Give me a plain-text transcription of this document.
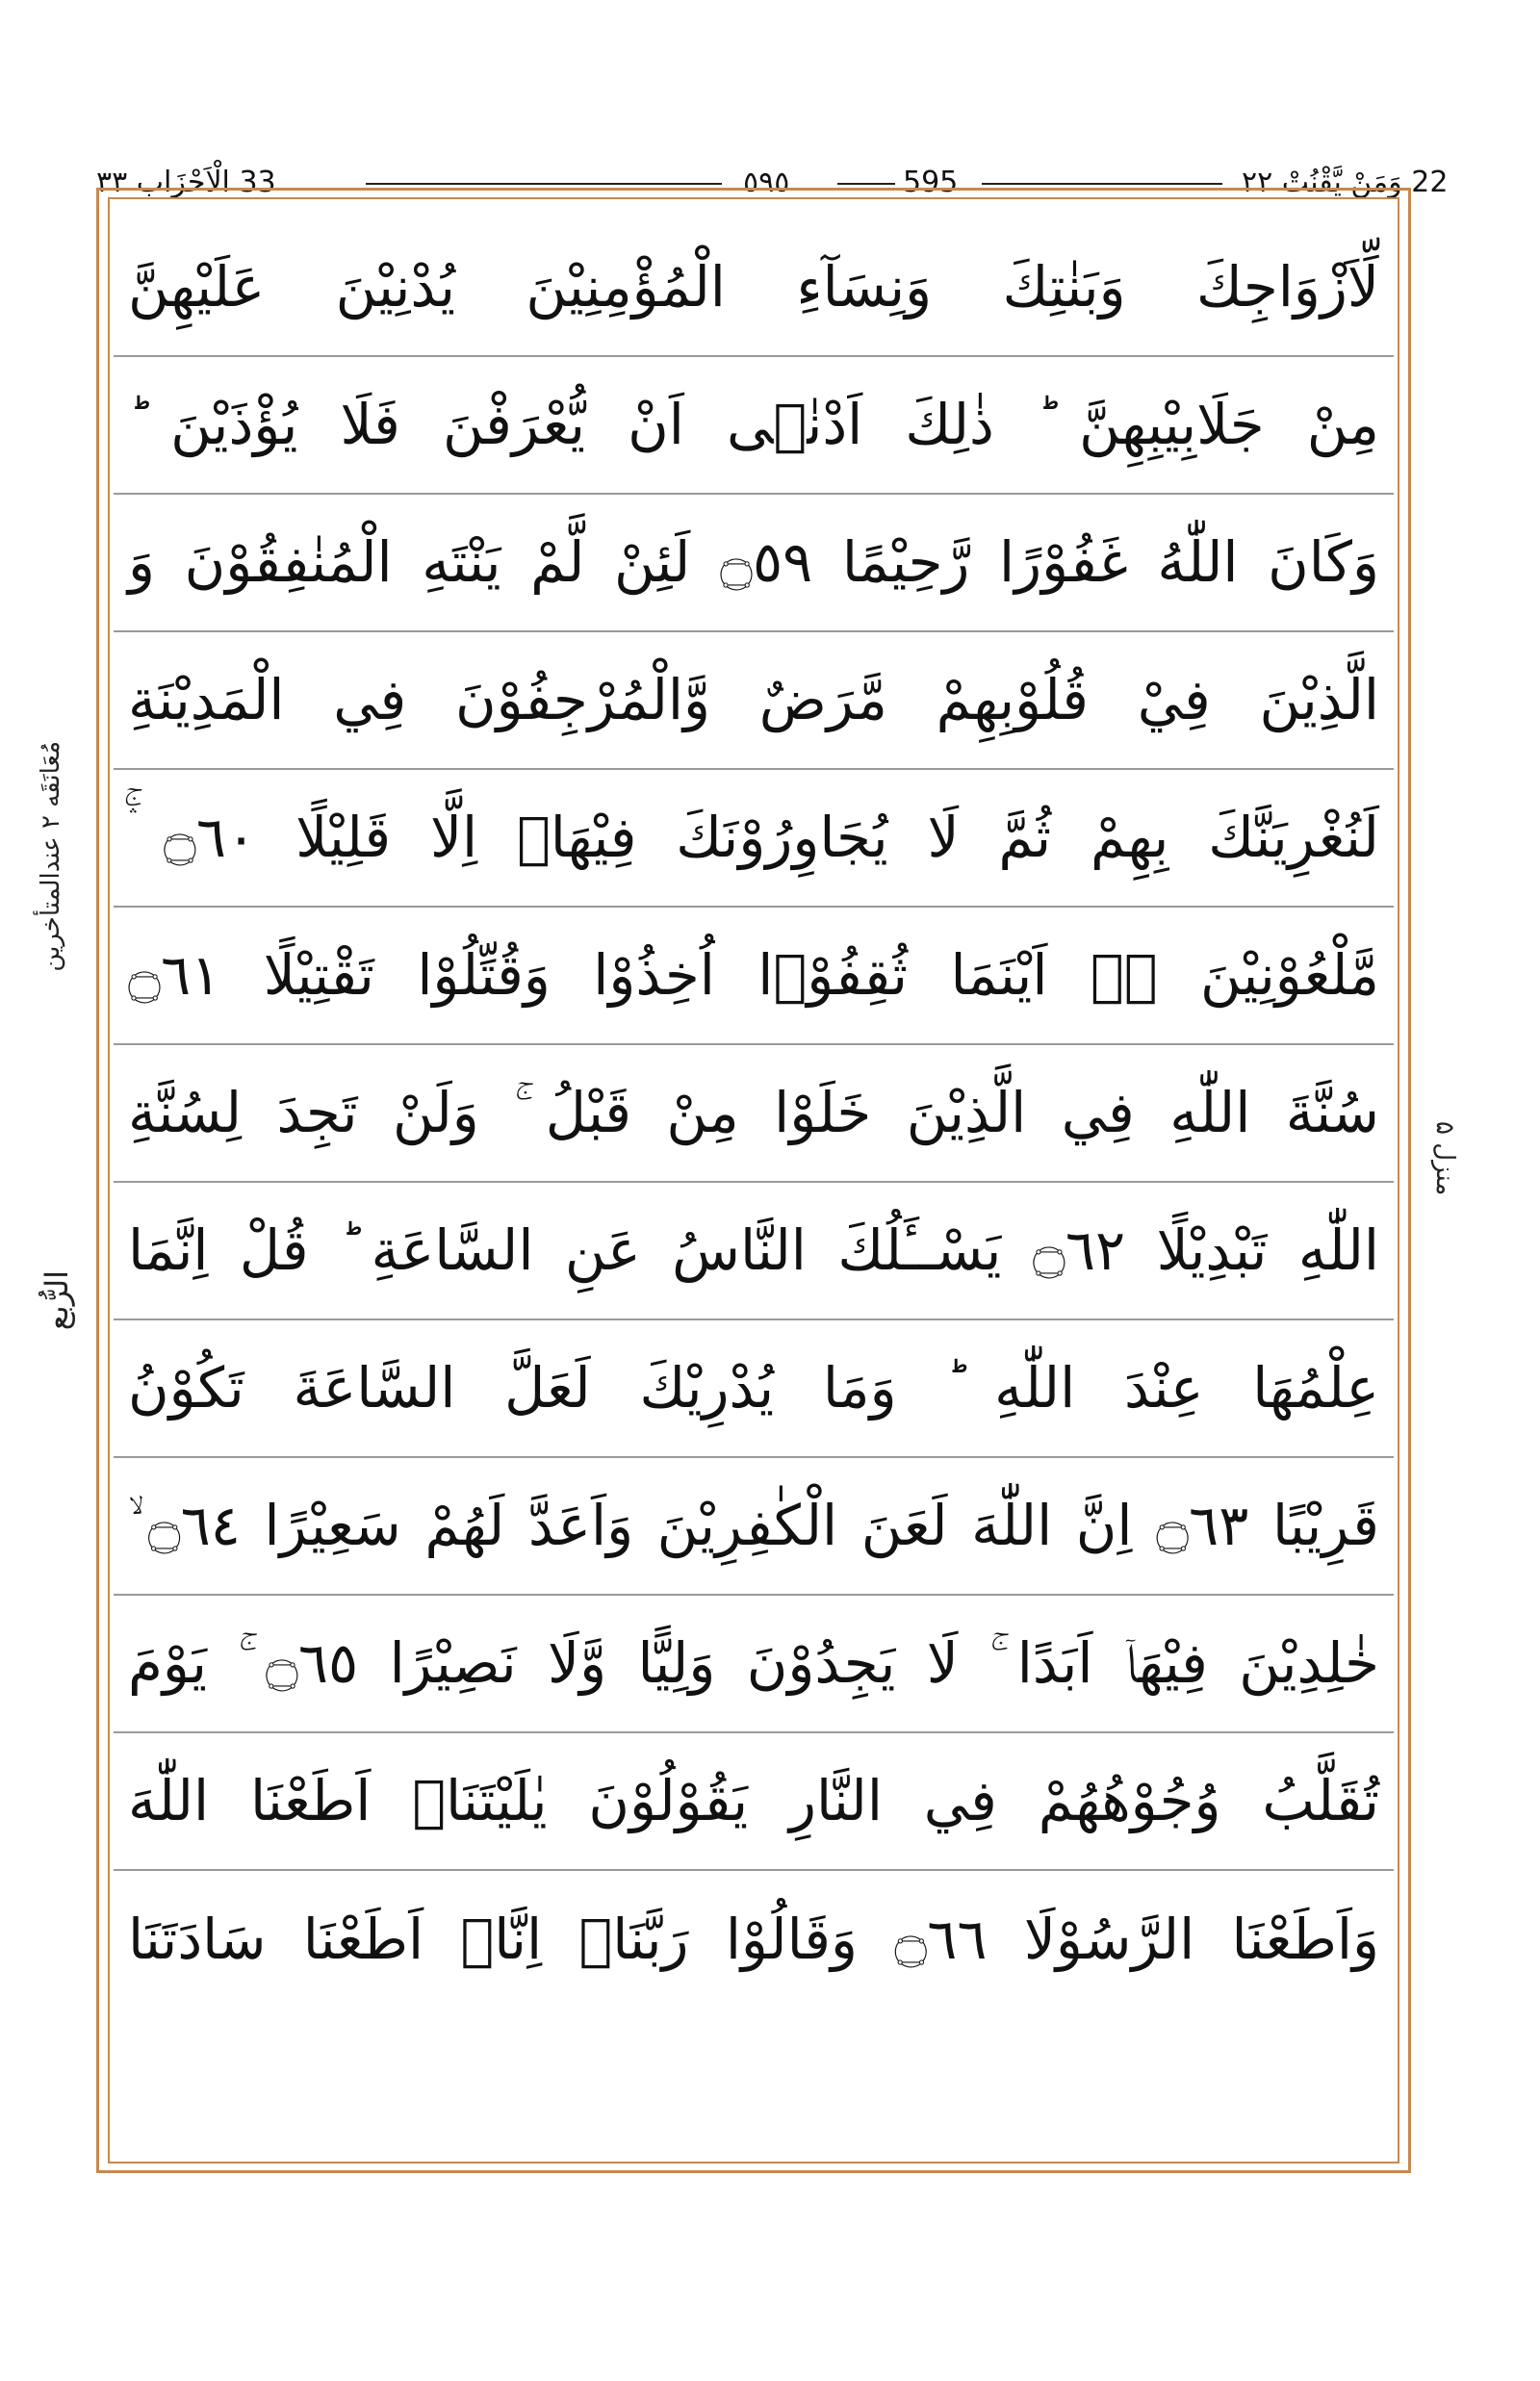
33 الْاَحْزَاب ٣٣	٥٩٥	595	22 وَمَنْ يَّقْنُتْ ٢٢
مُعَانَقَه ٢ عندالمتأخرين
الرُّبع
منزل ۵
لِّاَزْوَاجِكَ وَبَنٰتِكَ وَنِسَآءِ الْمُؤْمِنِيْنَ يُدْنِيْنَ عَلَيْهِنَّ
مِنْ جَلَابِيْبِهِنَّ ؕ ذٰلِكَ اَدْنٰۤى اَنْ يُّعْرَفْنَ فَلَا يُؤْذَيْنَ ؕ
وَكَانَ اللّٰهُ غَفُوْرًا رَّحِيْمًا ۝٥٩ لَئِنْ لَّمْ يَنْتَهِ الْمُنٰفِقُوْنَ وَ
الَّذِيْنَ فِيْ قُلُوْبِهِمْ مَّرَضٌ وَّالْمُرْجِفُوْنَ فِي الْمَدِيْنَةِ
لَنُغْرِيَنَّكَ بِهِمْ ثُمَّ لَا يُجَاوِرُوْنَكَ فِيْهَاۤ اِلَّا قَلِيْلًا ۝٦٠ ۛۚ
مَّلْعُوْنِيْنَ ۛۚ اَيْنَمَا ثُقِفُوْۤا اُخِذُوْا وَقُتِّلُوْا تَقْتِيْلًا ۝٦١
سُنَّةَ اللّٰهِ فِي الَّذِيْنَ خَلَوْا مِنْ قَبْلُ ۚ وَلَنْ تَجِدَ لِسُنَّةِ
اللّٰهِ تَبْدِيْلًا ۝٦٢ يَسْــَٔلُكَ النَّاسُ عَنِ السَّاعَةِ ؕ قُلْ اِنَّمَا
عِلْمُهَا عِنْدَ اللّٰهِ ؕ وَمَا يُدْرِيْكَ لَعَلَّ السَّاعَةَ تَكُوْنُ
قَرِيْبًا ۝٦٣ اِنَّ اللّٰهَ لَعَنَ الْكٰفِرِيْنَ وَاَعَدَّ لَهُمْ سَعِيْرًا ۝٦٤ ۙ
خٰلِدِيْنَ فِيْهَاۤ اَبَدًا ۚ لَا يَجِدُوْنَ وَلِيًّا وَّلَا نَصِيْرًا ۝٦٥ ۚ يَوْمَ
تُقَلَّبُ وُجُوْهُهُمْ فِي النَّارِ يَقُوْلُوْنَ يٰلَيْتَنَاۤ اَطَعْنَا اللّٰهَ
وَاَطَعْنَا الرَّسُوْلَا ۝٦٦ وَقَالُوْا رَبَّنَاۤ اِنَّاۤ اَطَعْنَا سَادَتَنَا
